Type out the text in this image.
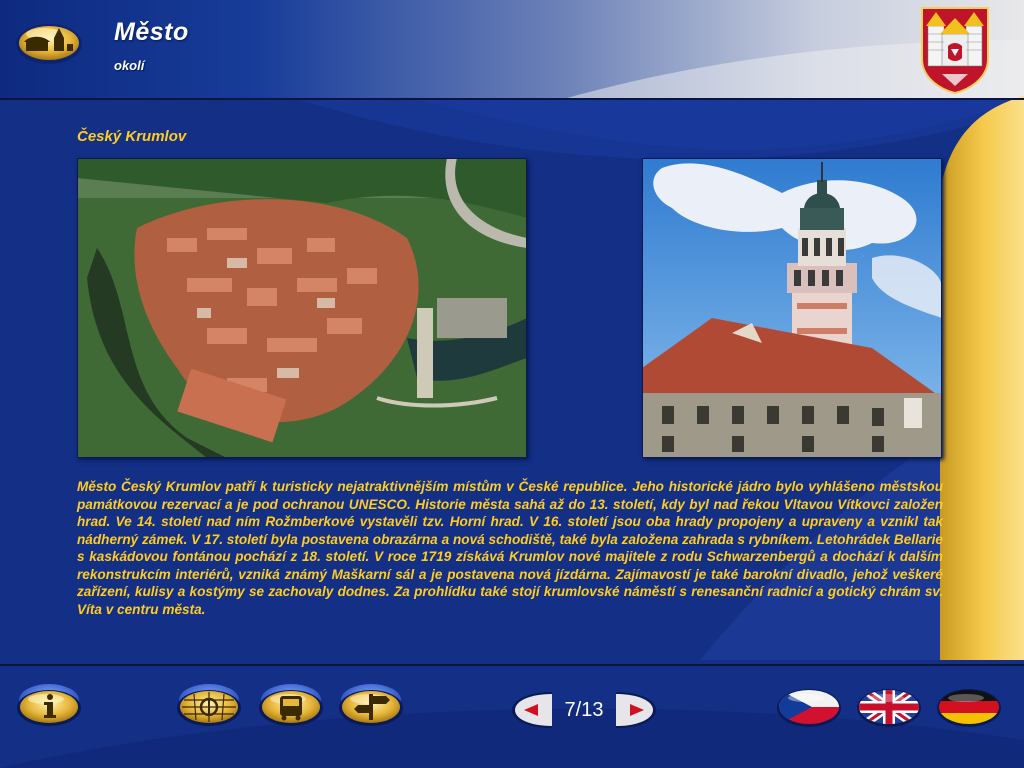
Město
okolí
Český Krumlov
Město Český Krumlov patří k turisticky nejatraktivnějším místům v České republice. Jeho historické jádro bylo vyhlášeno městskou památkovou rezervací a je pod ochranou UNESCO. Historie města sahá až do 13. století, kdy byl nad řekou Vltavou Vítkovci založen hrad. Ve 14. století nad ním Rožmberkové vystavěli tzv. Horní hrad. V 16. století jsou oba hrady propojeny a upraveny a vznikl tak nádherný zámek. V 17. století byla postavena obrazárna a nová schodiště, také byla založena zahrada s rybníkem. Letohrádek Bellarie s kaskádovou fontánou pochází z 18. století. V roce 1719 získává Krumlov nové majitele z rodu Schwarzenbergů a dochází k dalším rekonstrukcím interiérů, vzniká známý Maškarní sál a je postavena nová jízdárna. Zajímavostí je také barokní divadlo, jehož veškeré zařízení, kulisy a kostýmy se zachovaly dodnes. Za prohlídku také stojí krumlovské náměstí s renesanční radnicí a gotický chrám sv. Víta v centru města.
7/13
